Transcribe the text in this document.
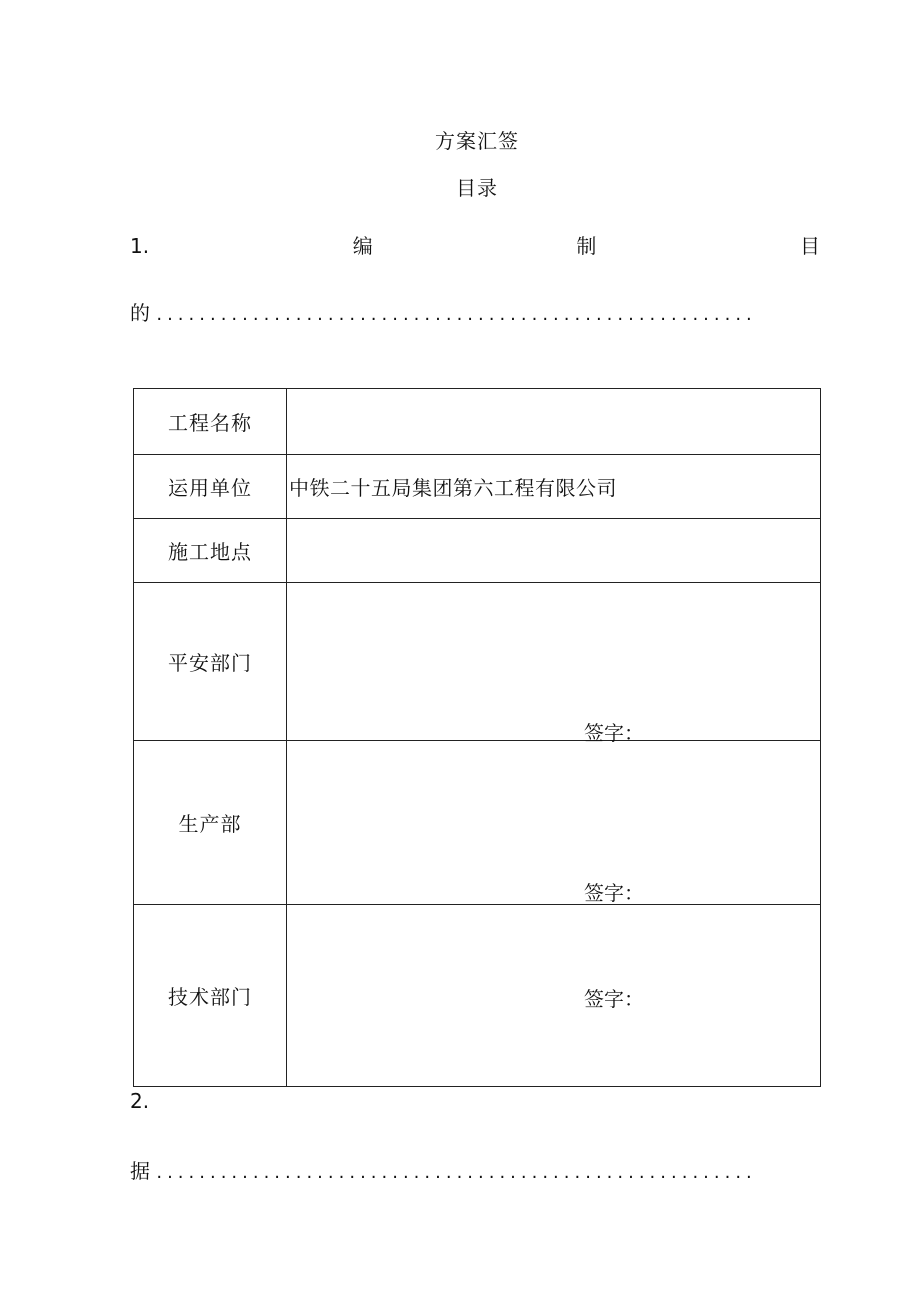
方案汇签
目录
1.	编	制	目
的 ........................................................
工程名称	
运用单位	中铁二十五局集团第六工程有限公司
施工地点	
平安部门	签字：

生产部	签字：

技术部门	签字：
2.
据 ........................................................
